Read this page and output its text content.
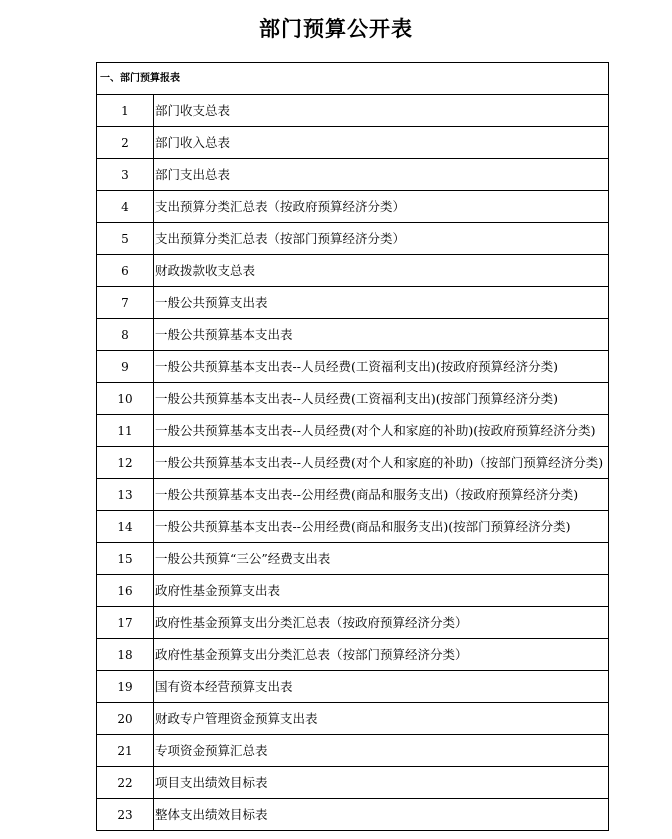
部门预算公开表
一、部门预算报表
1	部门收支总表
2	部门收入总表
3	部门支出总表
4	支出预算分类汇总表（按政府预算经济分类）
5	支出预算分类汇总表（按部门预算经济分类）
6	财政拨款收支总表
7	一般公共预算支出表
8	一般公共预算基本支出表
9	一般公共预算基本支出表--人员经费(工资福利支出)(按政府预算经济分类)
10	一般公共预算基本支出表--人员经费(工资福利支出)(按部门预算经济分类)
11	一般公共预算基本支出表--人员经费(对个人和家庭的补助)(按政府预算经济分类)
12	一般公共预算基本支出表--人员经费(对个人和家庭的补助)（按部门预算经济分类)
13	一般公共预算基本支出表--公用经费(商品和服务支出)（按政府预算经济分类)
14	一般公共预算基本支出表--公用经费(商品和服务支出)(按部门预算经济分类)
15	一般公共预算“三公”经费支出表
16	政府性基金预算支出表
17	政府性基金预算支出分类汇总表（按政府预算经济分类）
18	政府性基金预算支出分类汇总表（按部门预算经济分类）
19	国有资本经营预算支出表
20	财政专户管理资金预算支出表
21	专项资金预算汇总表
22	项目支出绩效目标表
23	整体支出绩效目标表
